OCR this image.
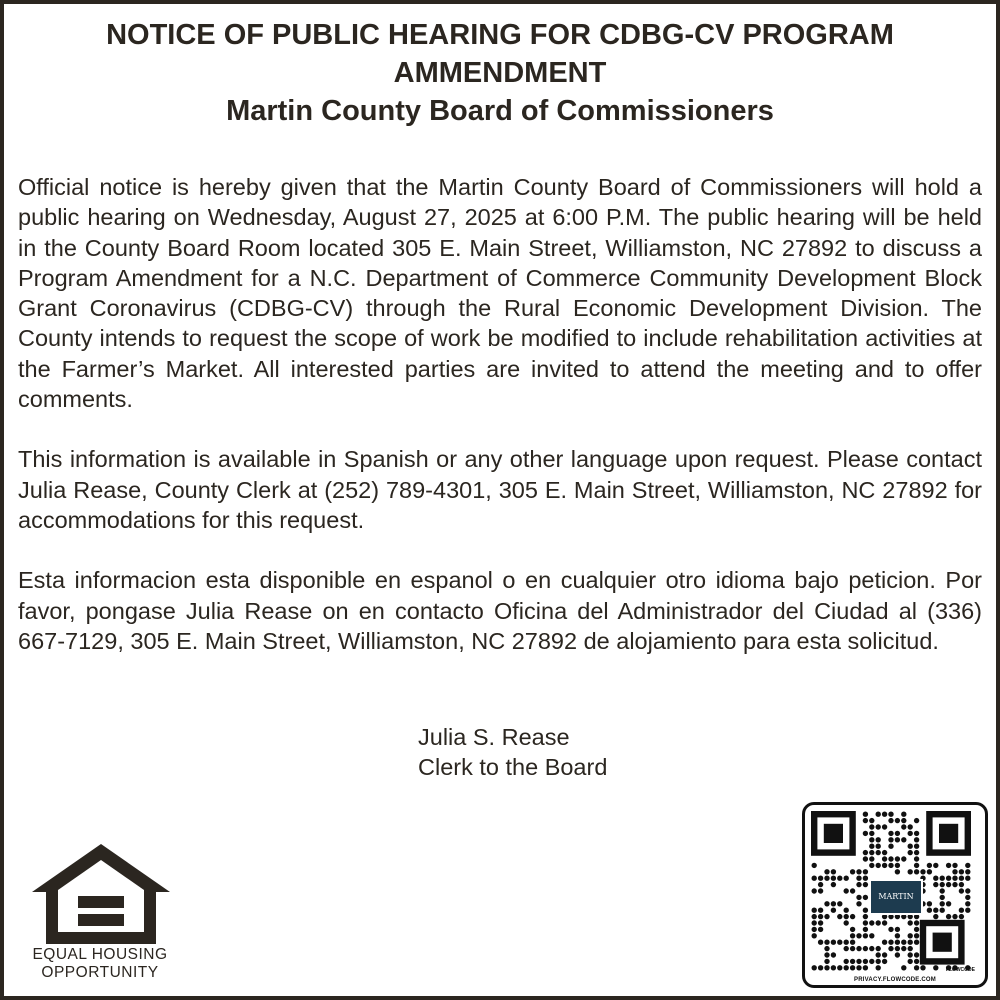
NOTICE OF PUBLIC HEARING FOR CDBG-CV PROGRAM
AMMENDMENT
Martin County Board of Commissioners

Official notice is hereby given that the Martin County Board of Commissioners will hold a public hearing on Wednesday, August 27, 2025 at 6:00 P.M. The public hearing will be held in the County Board Room located 305 E. Main Street, Williamston, NC 27892 to discuss a Program Amendment for a N.C. Department of Commerce Community Development Block Grant Coronavirus (CDBG-CV) through the Rural Economic Development Division. The County intends to request the scope of work be modified to include rehabilitation activities at the Farmer’s Market. All interested parties are invited to attend the meeting and to offer comments.

This information is available in Spanish or any other language upon request. Please contact Julia Rease, County Clerk at (252) 789-4301, 305 E. Main Street, Williamston, NC 27892 for accommodations for this request.

Esta informacion esta disponible en espanol o en cualquier otro idioma bajo peticion. Por favor, pongase Julia Rease on en contacto Oficina del Administrador del Ciudad al (336) 667-7129, 305 E. Main Street, Williamston, NC 27892 de alojamiento para esta solicitud.

Julia S. Rease
Clerk to the Board
EQUAL HOUSING
OPPORTUNITY
MARTIN
FLOWCODE
PRIVACY.FLOWCODE.COM
